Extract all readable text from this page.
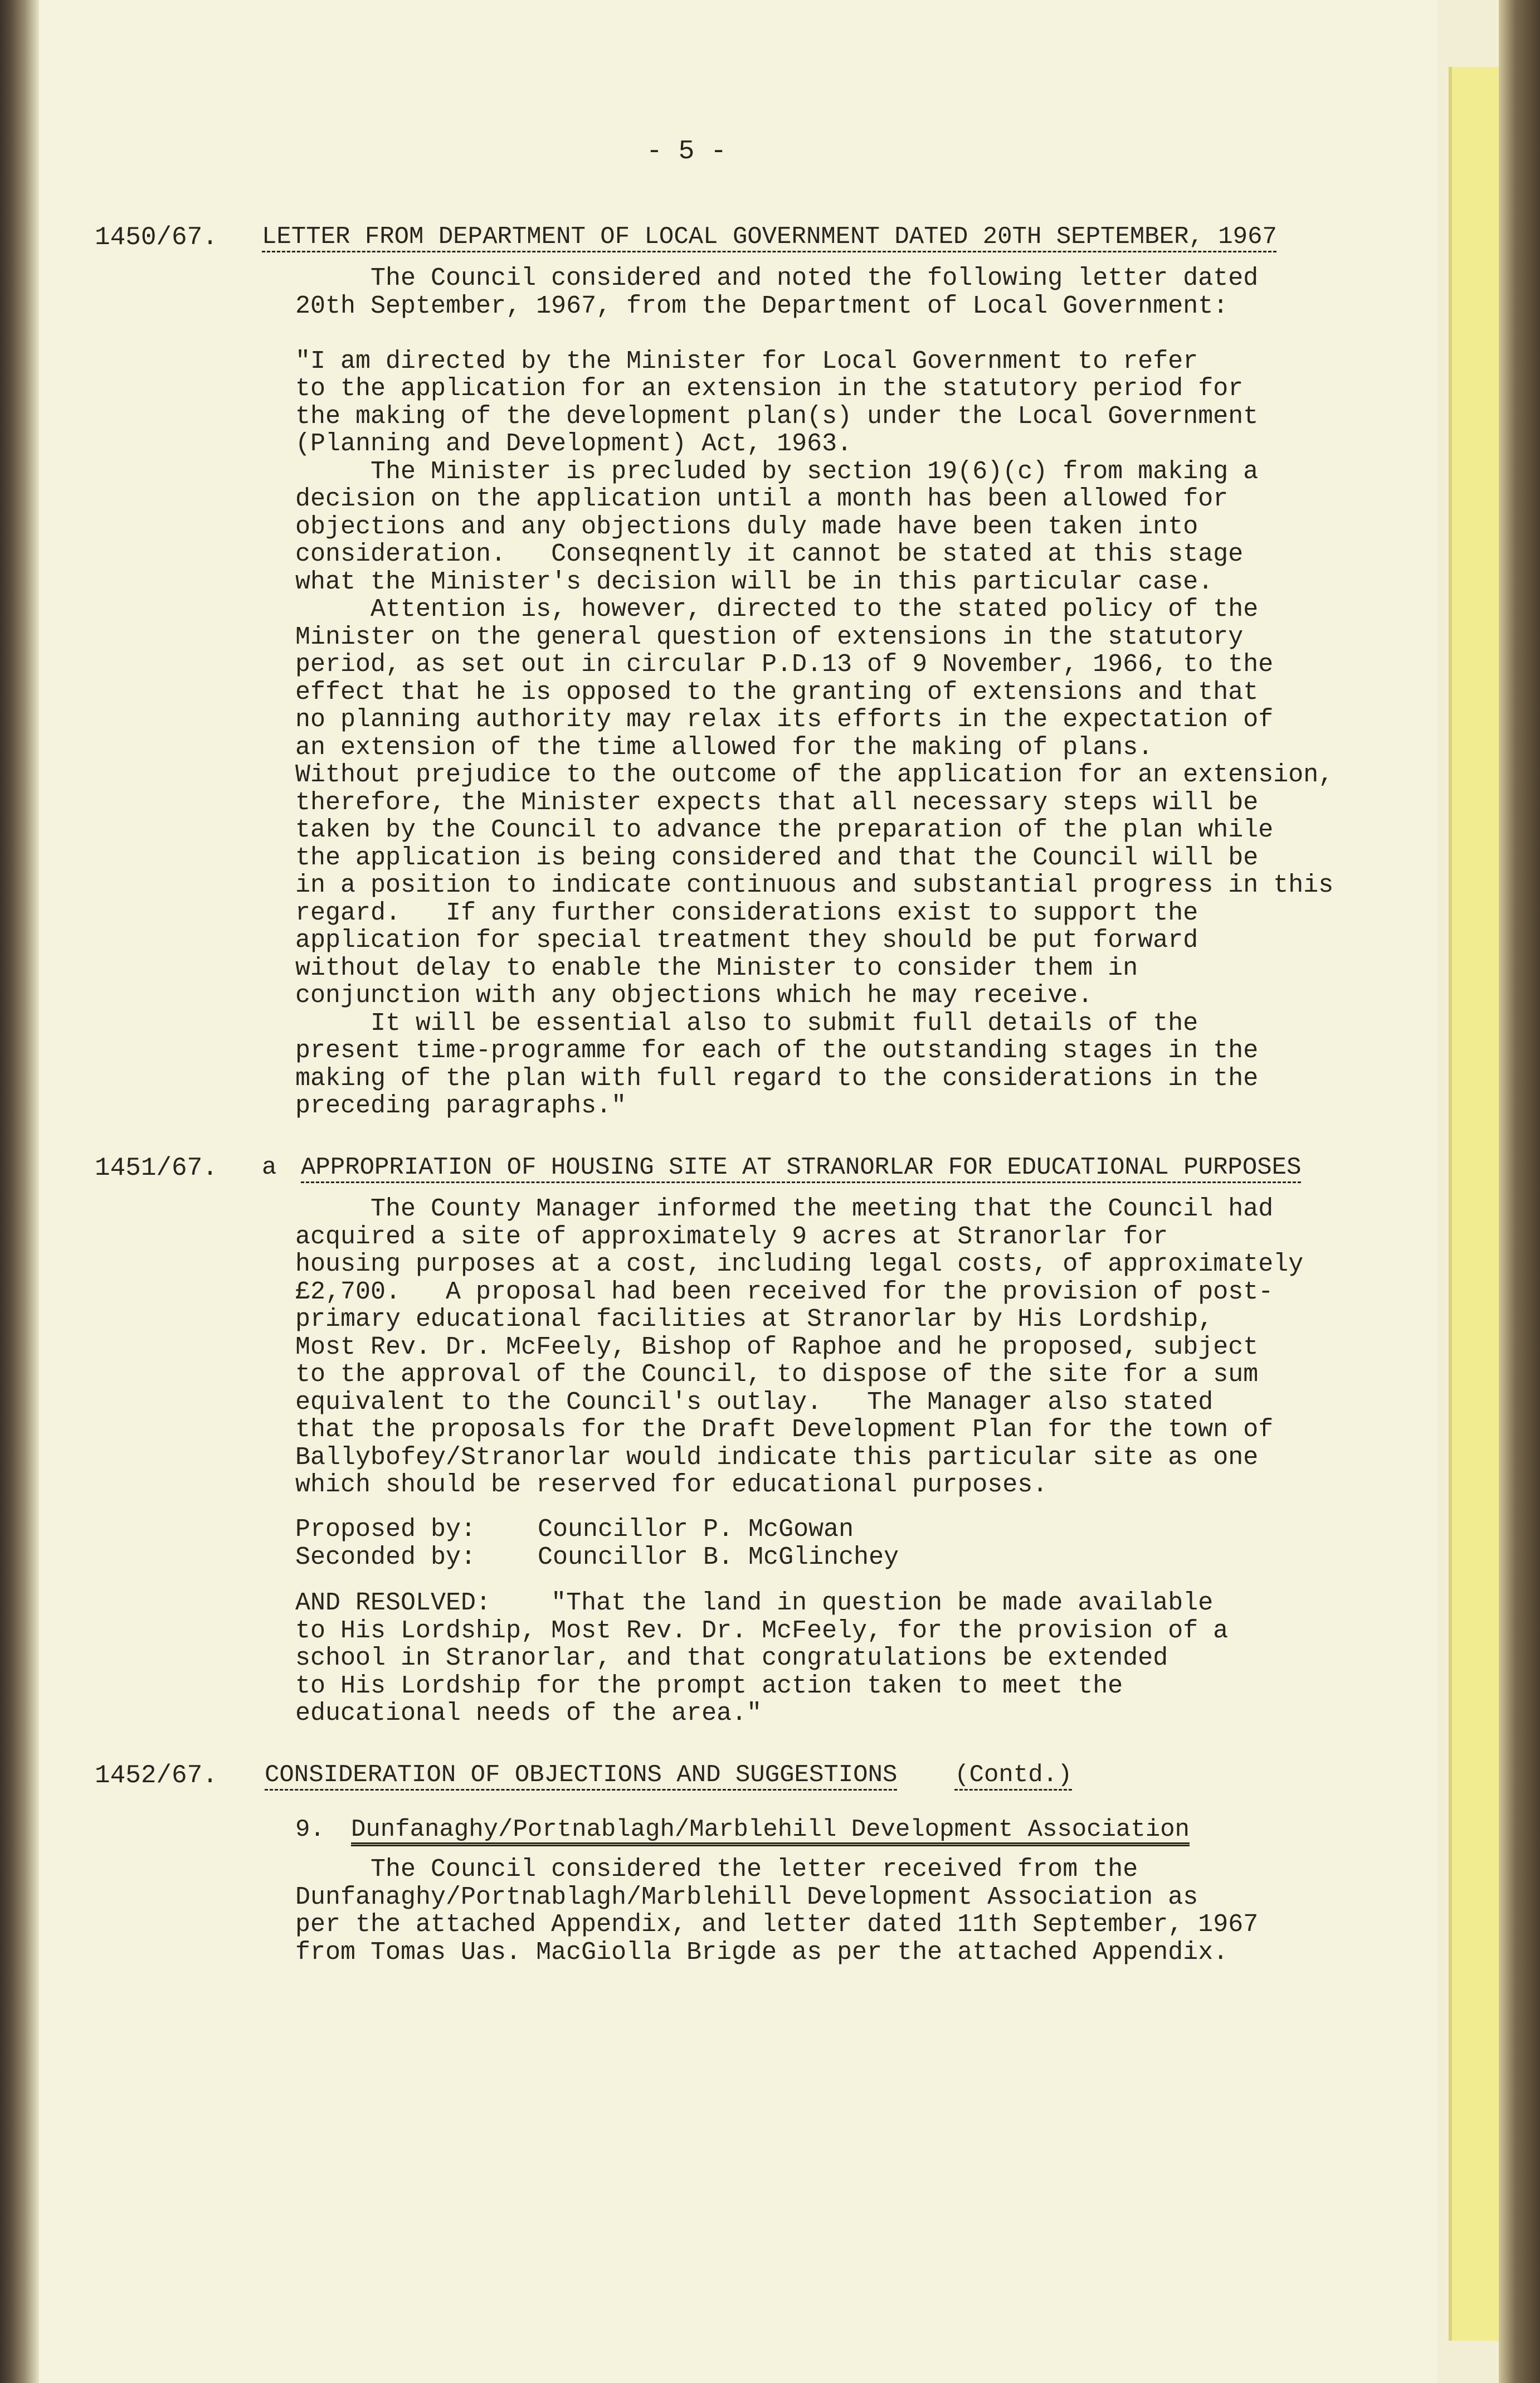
- 5 -
1450/67. LETTER FROM DEPARTMENT OF LOCAL GOVERNMENT DATED 20TH SEPTEMBER, 1967
The Council considered and noted the following letter dated
20th September, 1967, from the Department of Local Government:

"I am directed by the Minister for Local Government to refer
to the application for an extension in the statutory period for
the making of the development plan(s) under the Local Government
(Planning and Development) Act, 1963.
The Minister is precluded by section 19(6)(c) from making a
decision on the application until a month has been allowed for
objections and any objections duly made have been taken into
consideration.   Conseqnently it cannot be stated at this stage
what the Minister's decision will be in this particular case.
Attention is, however, directed to the stated policy of the
Minister on the general question of extensions in the statutory
period, as set out in circular P.D.13 of 9 November, 1966, to the
effect that he is opposed to the granting of extensions and that
no planning authority may relax its efforts in the expectation of
an extension of the time allowed for the making of plans.
Without prejudice to the outcome of the application for an extension,
therefore, the Minister expects that all necessary steps will be
taken by the Council to advance the preparation of the plan while
the application is being considered and that the Council will be
in a position to indicate continuous and substantial progress in this
regard.   If any further considerations exist to support the
application for special treatment they should be put forward
without delay to enable the Minister to consider them in
conjunction with any objections which he may receive.
It will be essential also to submit full details of the
present time-programme for each of the outstanding stages in the
making of the plan with full regard to the considerations in the
preceding paragraphs."
1451/67. a APPROPRIATION OF HOUSING SITE AT STRANORLAR FOR EDUCATIONAL PURPOSES
The County Manager informed the meeting that the Council had
acquired a site of approximately 9 acres at Stranorlar for
housing purposes at a cost, including legal costs, of approximately
£2,700.   A proposal had been received for the provision of post-
primary educational facilities at Stranorlar by His Lordship,
Most Rev. Dr. McFeely, Bishop of Raphoe and he proposed, subject
to the approval of the Council, to dispose of the site for a sum
equivalent to the Council's outlay.   The Manager also stated
that the proposals for the Draft Development Plan for the town of
Ballybofey/Stranorlar would indicate this particular site as one
which should be reserved for educational purposes.
Proposed by: Councillor P. McGowan
Seconded by: Councillor B. McGlinchey
AND RESOLVED:    "That the land in question be made available
to His Lordship, Most Rev. Dr. McFeely, for the provision of a
school in Stranorlar, and that congratulations be extended
to His Lordship for the prompt action taken to meet the
educational needs of the area."
1452/67. CONSIDERATION OF OBJECTIONS AND SUGGESTIONS (Contd.)
9. Dunfanaghy/Portnablagh/Marblehill Development Association
The Council considered the letter received from the
Dunfanaghy/Portnablagh/Marblehill Development Association as
per the attached Appendix, and letter dated 11th September, 1967
from Tomas Uas. MacGiolla Brigde as per the attached Appendix.
